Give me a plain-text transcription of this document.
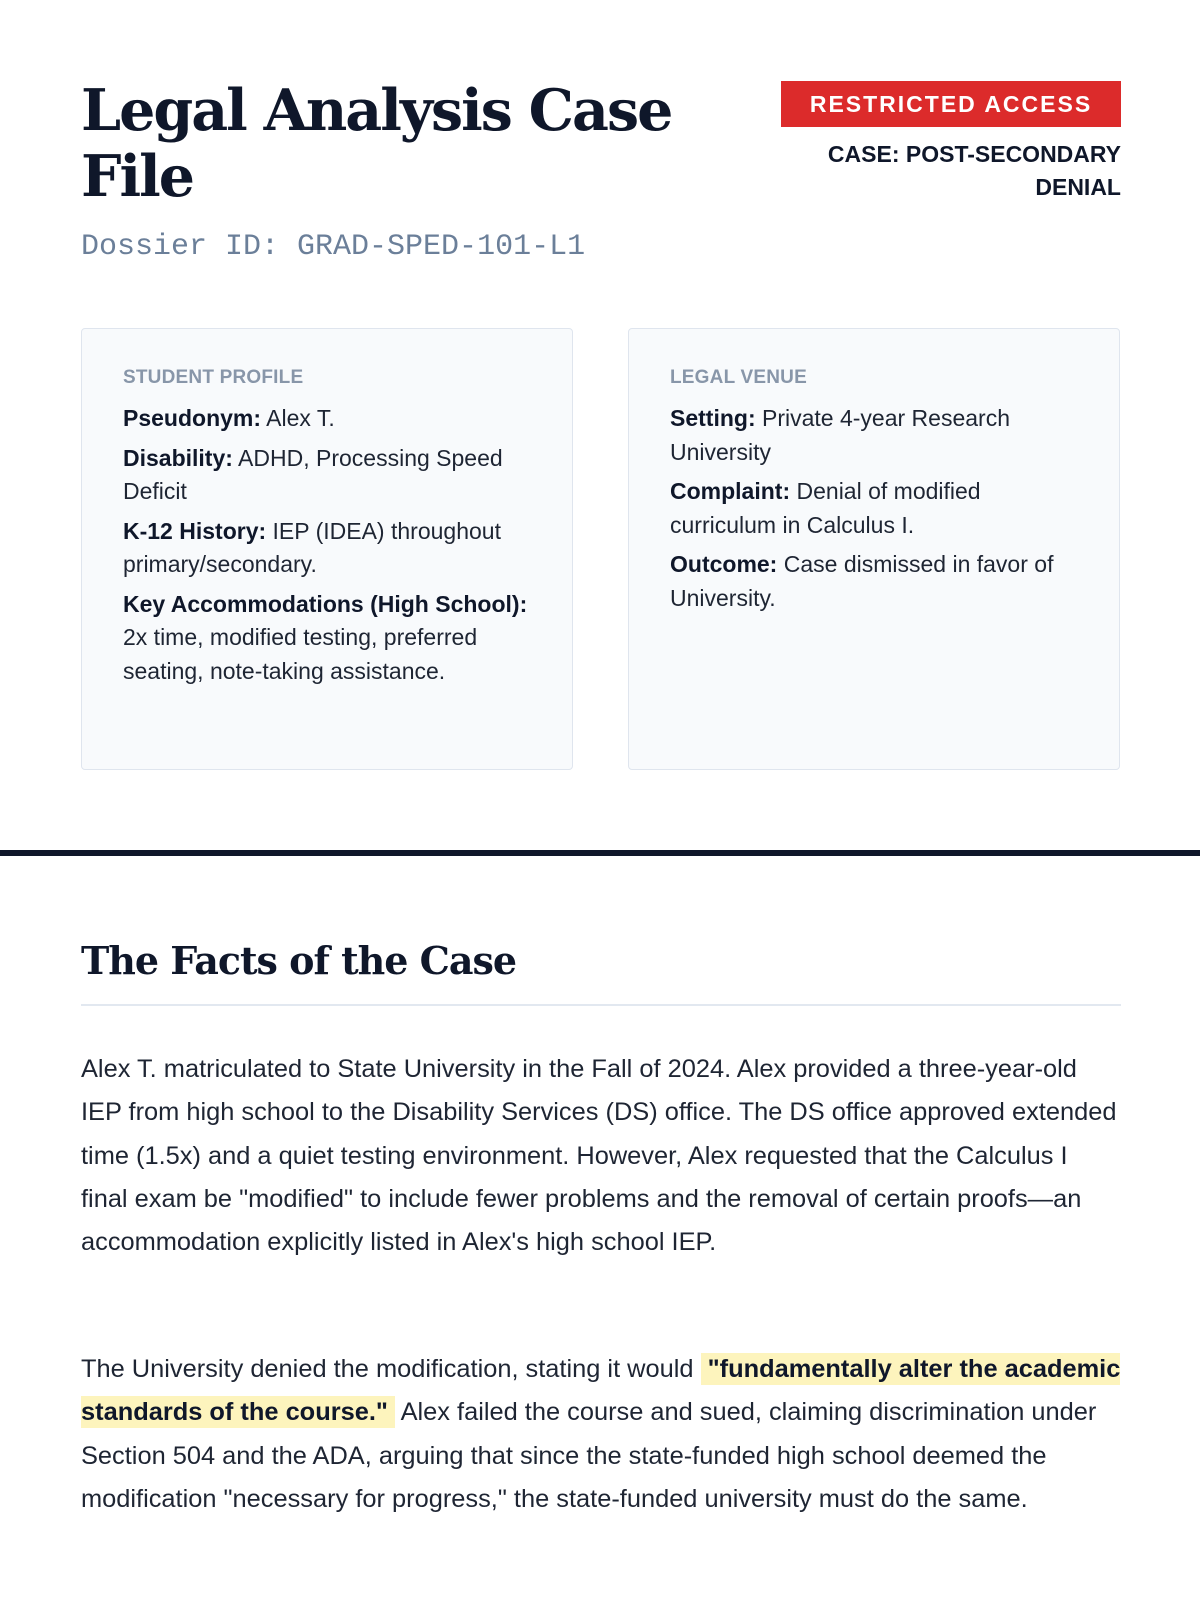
Legal Analysis Case File

Dossier ID: GRAD-SPED-101-L1

RESTRICTED ACCESS
CASE: POST-SECONDARY DENIAL

STUDENT PROFILE

Pseudonym: Alex T.

Disability: ADHD, Processing Speed Deficit

K-12 History: IEP (IDEA) throughout primary/secondary.

Key Accommodations (High School): 2x time, modified testing, preferred seating, note-taking assistance.

LEGAL VENUE

Setting: Private 4-year Research University

Complaint: Denial of modified curriculum in Calculus I.

Outcome: Case dismissed in favor of University.

The Facts of the Case

Alex T. matriculated to State University in the Fall of 2024. Alex provided a three-year-old IEP from high school to the Disability Services (DS) office. The DS office approved extended time (1.5x) and a quiet testing environment. However, Alex requested that the Calculus I final exam be "modified" to include fewer problems and the removal of certain proofs—an accommodation explicitly listed in Alex's high school IEP.

The University denied the modification, stating it would "fundamentally alter the academic standards of the course." Alex failed the course and sued, claiming discrimination under Section 504 and the ADA, arguing that since the state-funded high school deemed the modification "necessary for progress," the state-funded university must do the same.
